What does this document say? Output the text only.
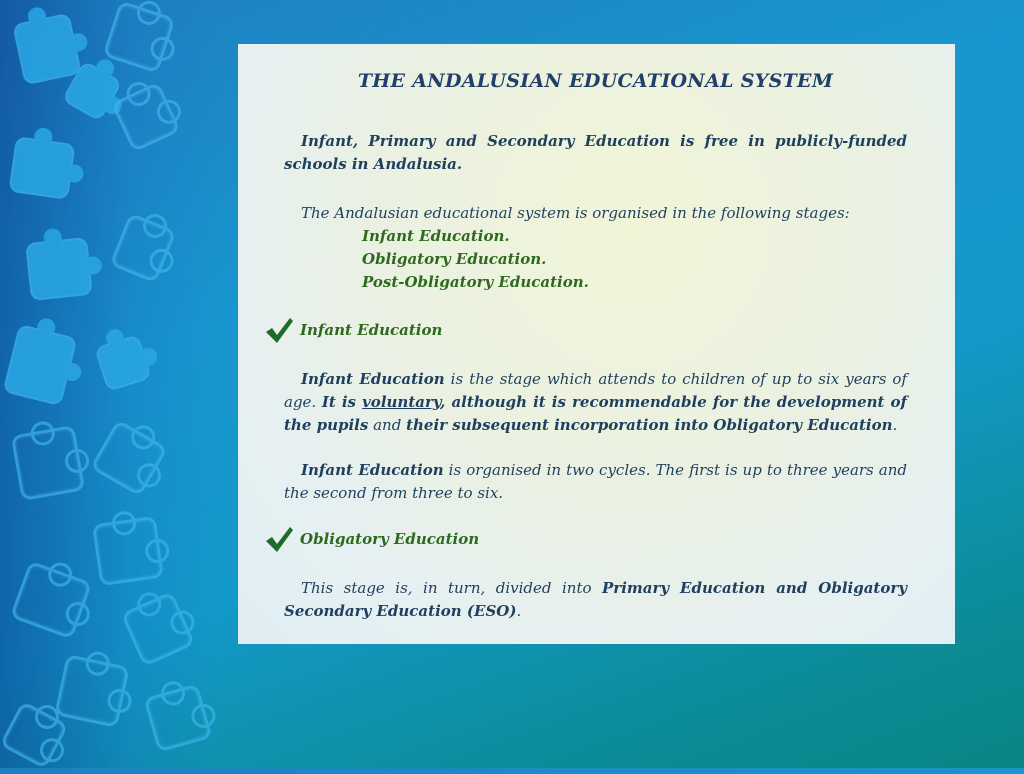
THE ANDALUSIAN EDUCATIONAL SYSTEM

Infant, Primary and Secondary Education is free in publicly-funded schools in Andalusia.

The Andalusian educational system is organised in the following stages:

Infant Education.
Obligatory Education.
Post-Obligatory Education.
Infant Education

Infant Education is the stage which attends to children of up to six years of age. It is voluntary, although it is recommendable for the development of the pupils and their subsequent incorporation into Obligatory Education.

Infant Education is organised in two cycles. The first is up to three years and the second from three to six.

Obligatory Education

This stage is, in turn, divided into Primary Education and Obligatory Secondary Education (ESO).
